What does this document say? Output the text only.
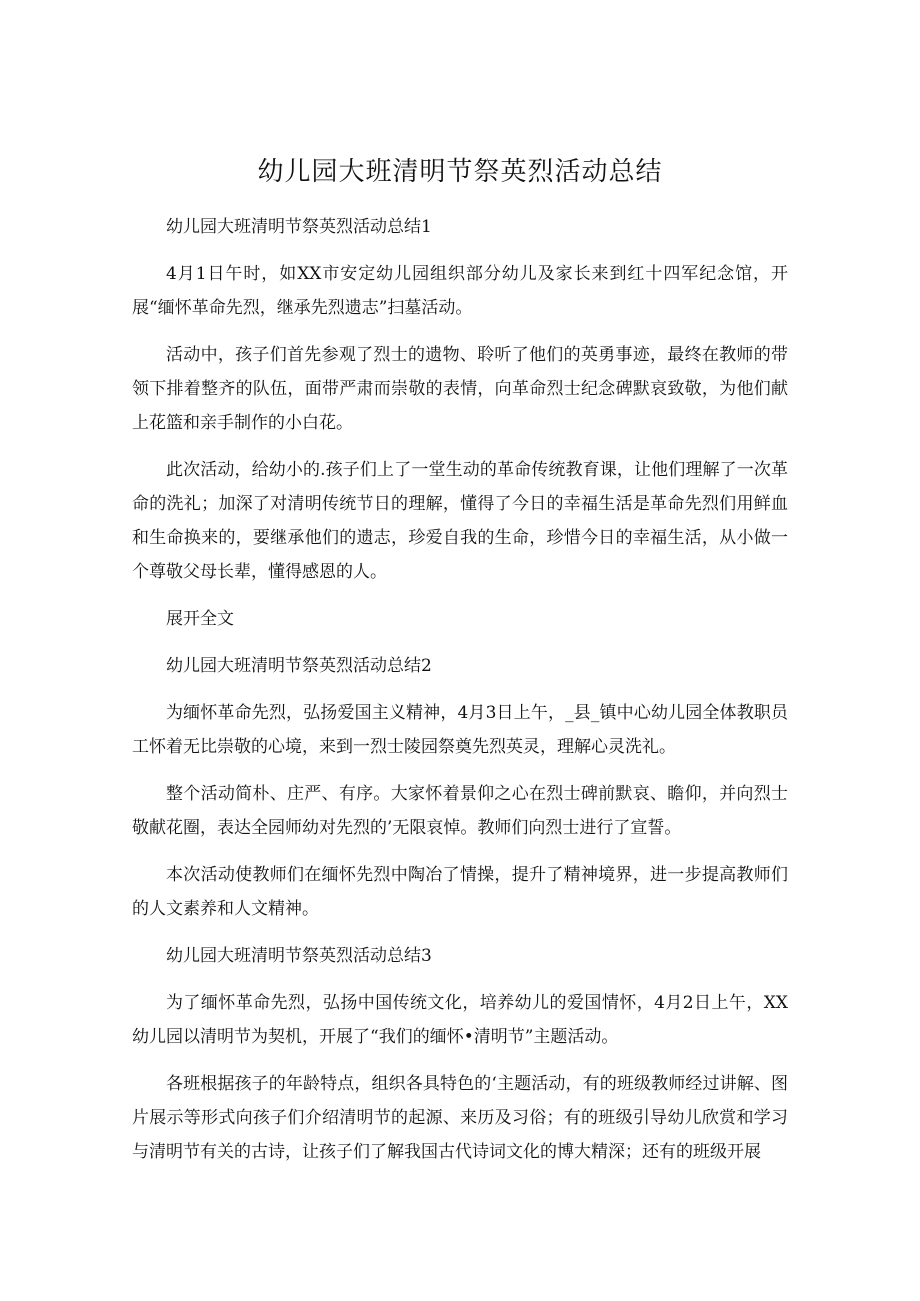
幼儿园大班清明节祭英烈活动总结

幼儿园大班清明节祭英烈活动总结1

4月1日午时，如XX市安定幼儿园组织部分幼儿及家长来到红十四军纪念馆，开展“缅怀革命先烈，继承先烈遗志”扫墓活动。

活动中，孩子们首先参观了烈士的遗物、聆听了他们的英勇事迹，最终在教师的带领下排着整齐的队伍，面带严肃而崇敬的表情，向革命烈士纪念碑默哀致敬，为他们献上花篮和亲手制作的小白花。

此次活动，给幼小的.孩子们上了一堂生动的革命传统教育课，让他们理解了一次革命的洗礼；加深了对清明传统节日的理解，懂得了今日的幸福生活是革命先烈们用鲜血和生命换来的，要继承他们的遗志，珍爱自我的生命，珍惜今日的幸福生活，从小做一个尊敬父母长辈，懂得感恩的人。

展开全文

幼儿园大班清明节祭英烈活动总结2

为缅怀革命先烈，弘扬爱国主义精神，4月3日上午，_县_镇中心幼儿园全体教职员工怀着无比崇敬的心境，来到一烈士陵园祭奠先烈英灵，理解心灵洗礼。

整个活动简朴、庄严、有序。大家怀着景仰之心在烈士碑前默哀、瞻仰，并向烈士敬献花圈，表达全园师幼对先烈的’无限哀悼。教师们向烈士进行了宣誓。

本次活动使教师们在缅怀先烈中陶冶了情操，提升了精神境界，进一步提高教师们的人文素养和人文精神。

幼儿园大班清明节祭英烈活动总结3

为了缅怀革命先烈，弘扬中国传统文化，培养幼儿的爱国情怀，4月2日上午，XX幼儿园以清明节为契机，开展了“我们的缅怀•清明节”主题活动。

各班根据孩子的年龄特点，组织各具特色的‘主题活动，有的班级教师经过讲解、图片展示等形式向孩子们介绍清明节的起源、来历及习俗；有的班级引导幼儿欣赏和学习与清明节有关的古诗，让孩子们了解我国古代诗词文化的博大精深；还有的班级开展
